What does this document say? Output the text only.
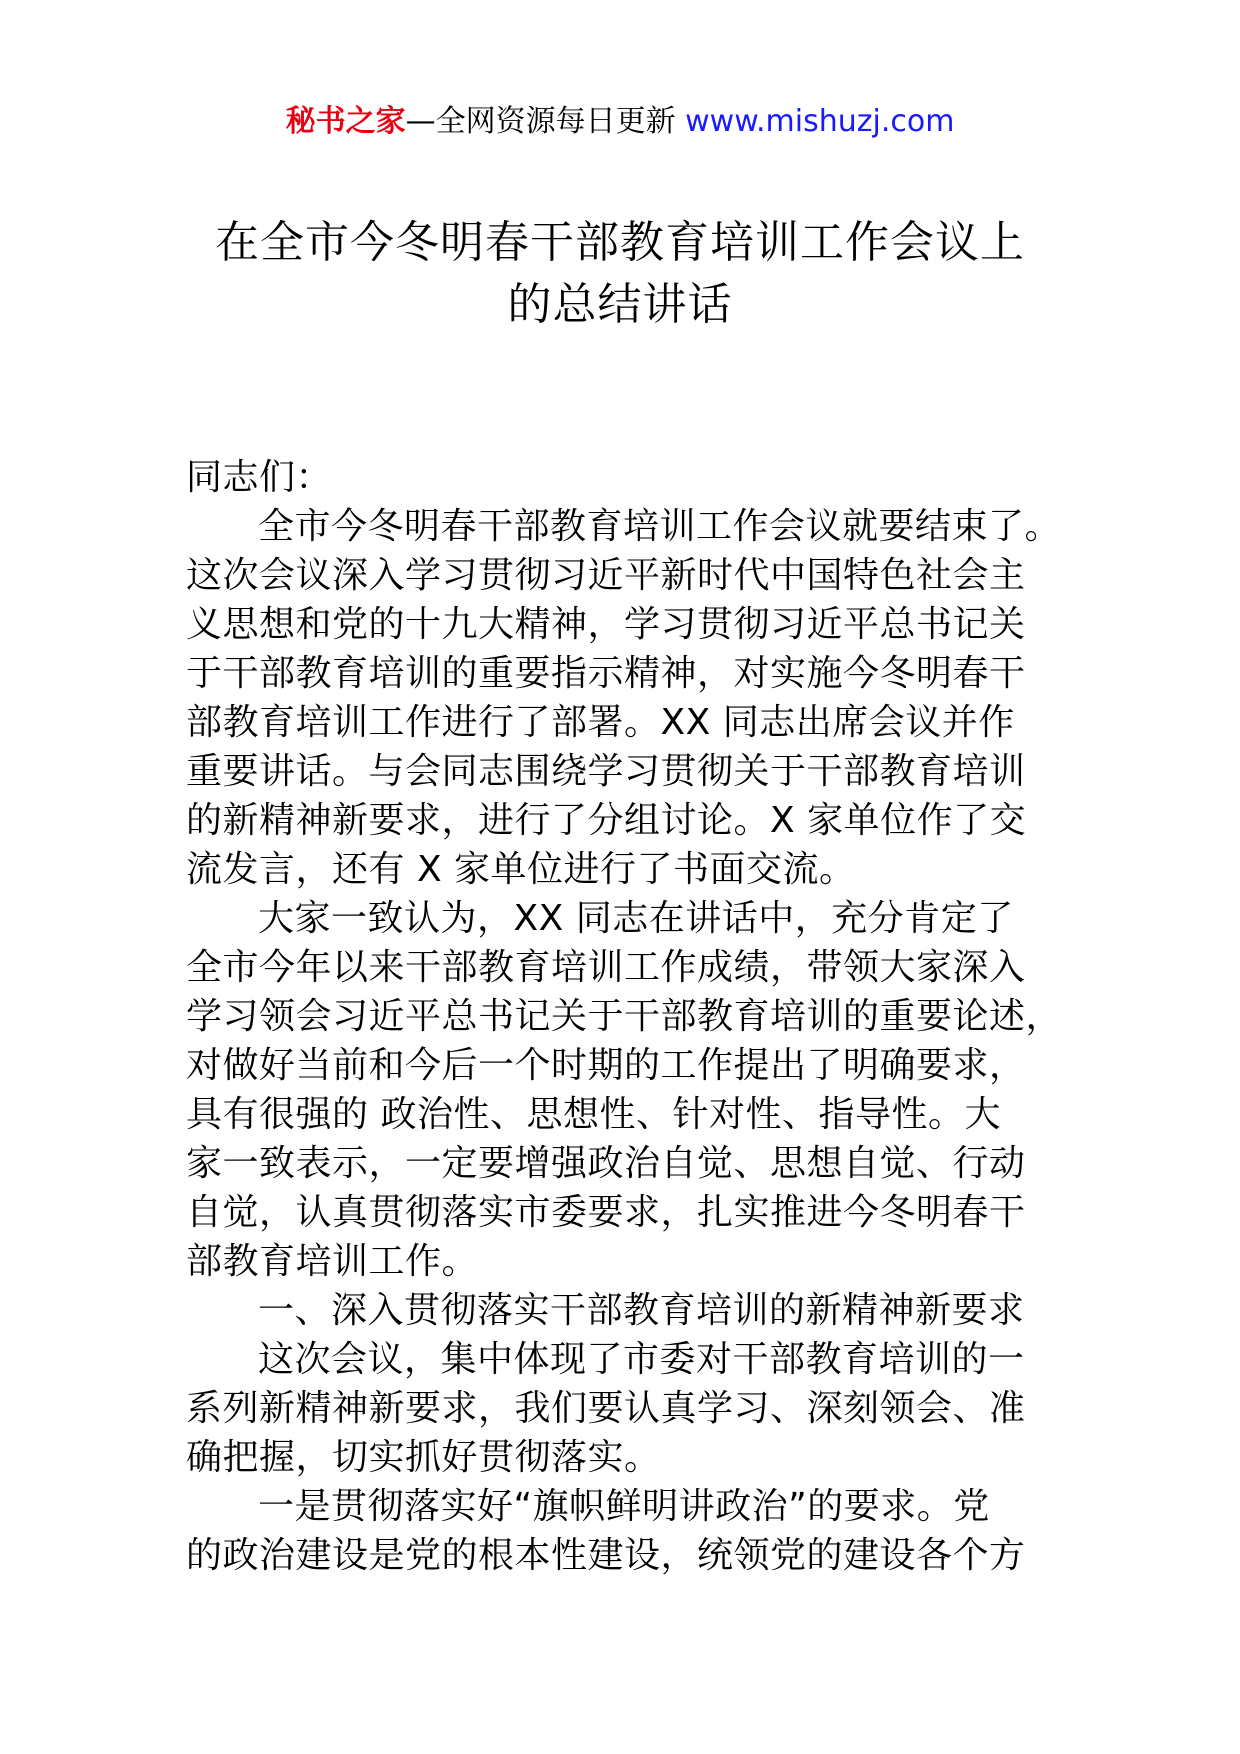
秘书之家—全网资源每日更新 www.mishuzj.com
在全市今冬明春干部教育培训工作会议上
的总结讲话
同志们：
全市今冬明春干部教育培训工作会议就要结束了。
这次会议深入学习贯彻习近平新时代中国特色社会主
义思想和党的十九大精神，学习贯彻习近平总书记关
于干部教育培训的重要指示精神，对实施今冬明春干
部教育培训工作进行了部署。XX 同志出席会议并作
重要讲话。与会同志围绕学习贯彻关于干部教育培训
的新精神新要求，进行了分组讨论。X 家单位作了交
流发言，还有 X 家单位进行了书面交流。
大家一致认为，XX 同志在讲话中，充分肯定了
全市今年以来干部教育培训工作成绩，带领大家深入
学习领会习近平总书记关于干部教育培训的重要论述，
对做好当前和今后一个时期的工作提出了明确要求，
具有很强的 政治性、思想性、针对性、指导性。大
家一致表示，一定要增强政治自觉、思想自觉、行动
自觉，认真贯彻落实市委要求，扎实推进今冬明春干
部教育培训工作。
一、深入贯彻落实干部教育培训的新精神新要求
这次会议，集中体现了市委对干部教育培训的一
系列新精神新要求，我们要认真学习、深刻领会、准
确把握，切实抓好贯彻落实。
一是贯彻落实好“旗帜鲜明讲政治”的要求。党
的政治建设是党的根本性建设，统领党的建设各个方
